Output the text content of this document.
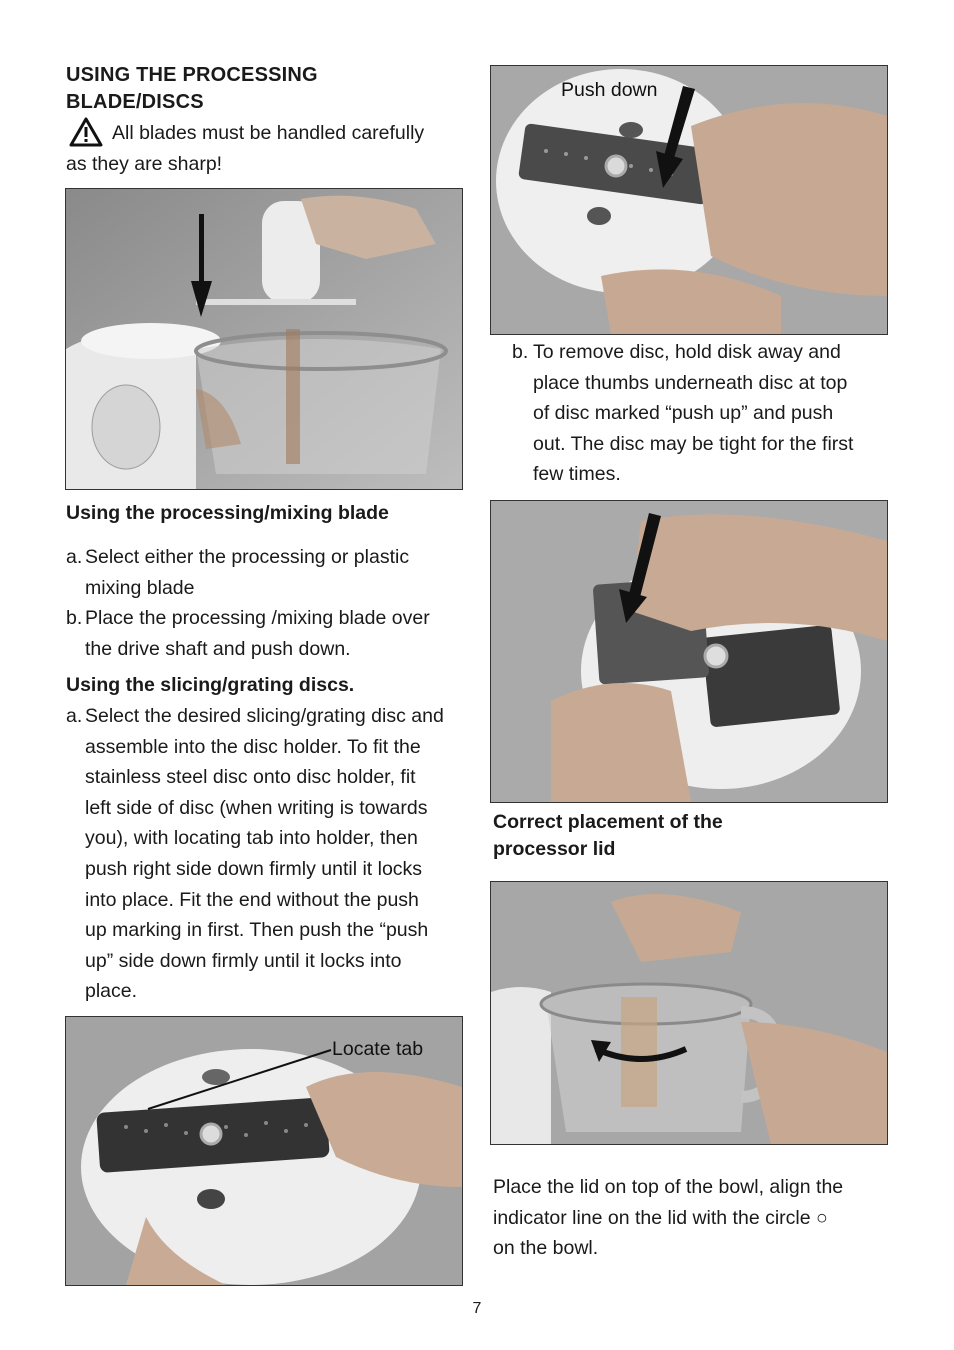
USING THE PROCESSING
BLADE/DISCS
All blades must be handled carefully
as they are sharp!
Using the processing/mixing blade
a. Select either the processing or plastic
mixing blade
b. Place the processing /mixing blade over
the drive shaft and push down.
Using the slicing/grating discs.
a. Select the desired slicing/grating disc and
assemble into the disc holder. To fit the
stainless steel disc onto disc holder, fit
left side of disc (when writing is towards
you), with locating tab into holder, then
push right side down firmly until it locks
into place. Fit the end without the push
up marking in first. Then push the “push
up” side down firmly until it locks into
place.
Locate tab
Push down
b. To remove disc, hold disk away and
place thumbs underneath disc at top
of disc marked “push up” and push
out. The disc may be tight for the first
few times.
Correct placement of the
processor lid
Place the lid on top of the bowl, align the
indicator line on the lid with the circle ○
on the bowl.
7
